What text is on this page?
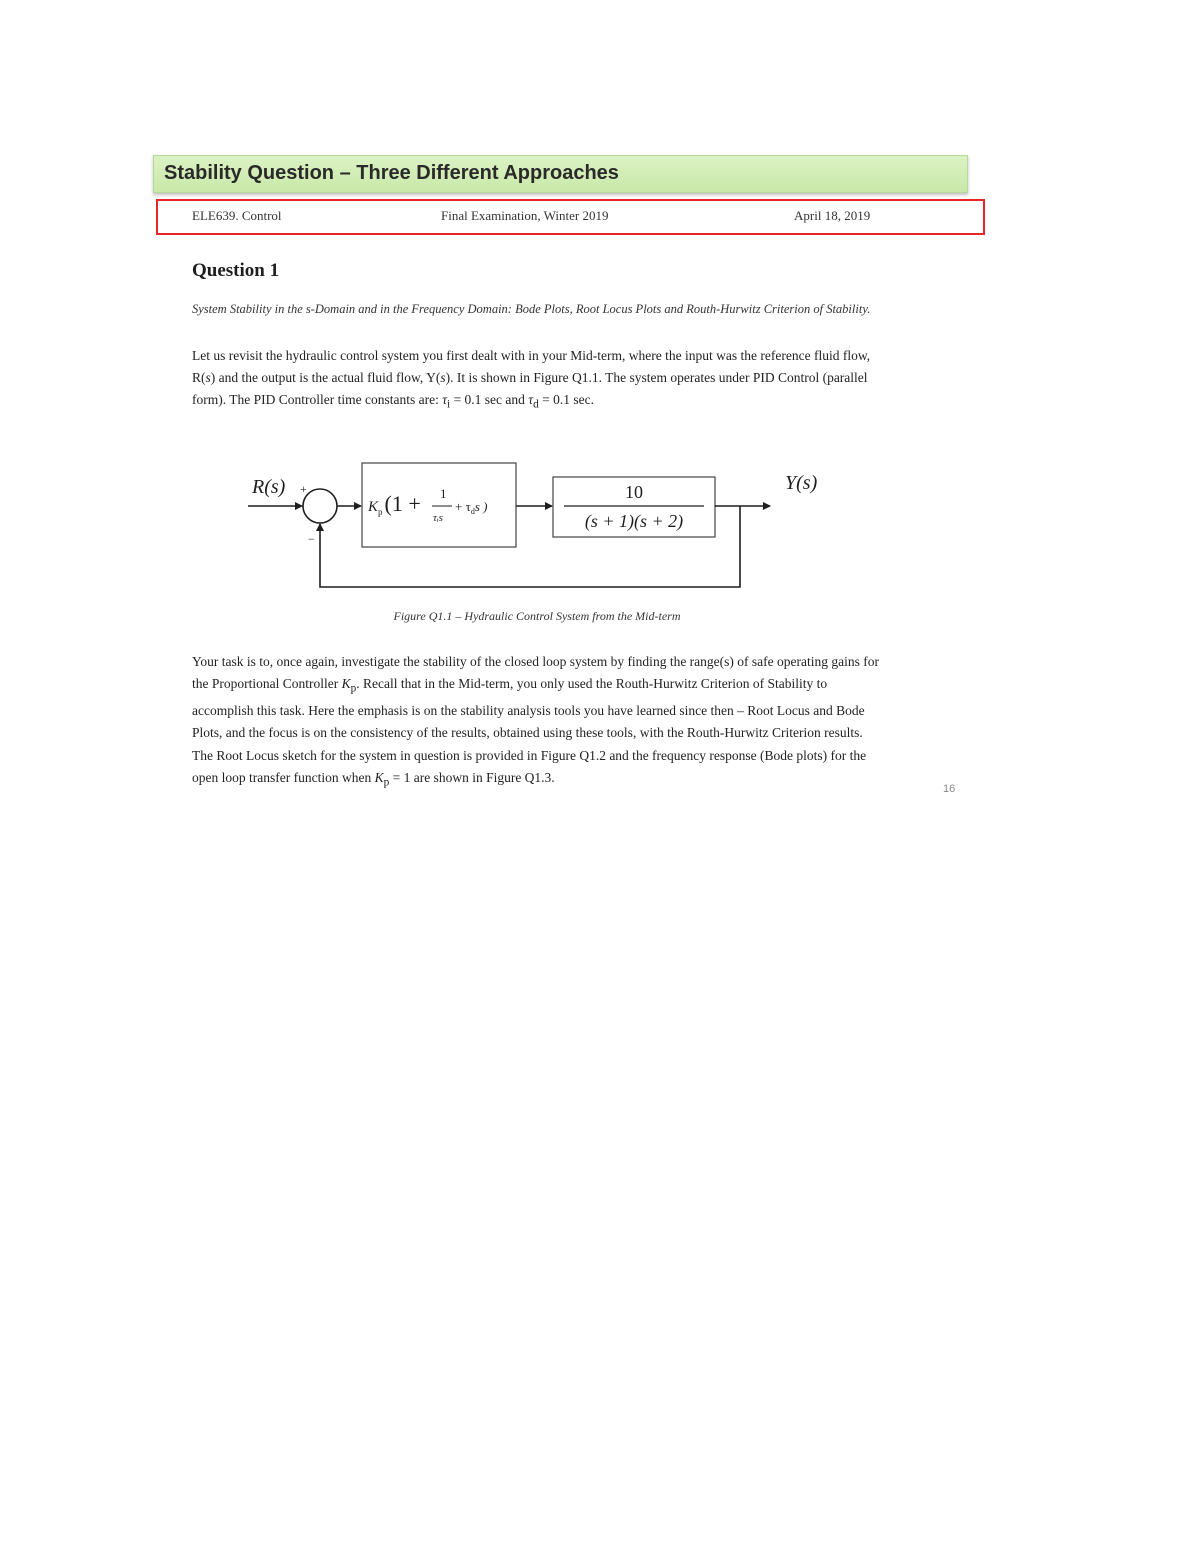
Stability Question – Three Different Approaches
ELE639. Control	Final Examination, Winter 2019	April 18, 2019
Question 1
System Stability in the s-Domain and in the Frequency Domain: Bode Plots, Root Locus Plots and Routh-Hurwitz Criterion of Stability.
Let us revisit the hydraulic control system you first dealt with in your Mid-term, where the input was the reference fluid flow, R(s) and the output is the actual fluid flow, Y(s). It is shown in Figure Q1.1. The system operates under PID Control (parallel form). The PID Controller time constants are: $\tau_i = 0.1$ sec and $\tau_d = 0.1$ sec.
R(s) +
−
$K_p(1 + 1$
τᵢs
+ $\tau_ds$ )
10
(s + 1)(s + 2)
Y(s)
Figure Q1.1 – Hydraulic Control System from the Mid-term
Your task is to, once again, investigate the stability of the closed loop system by finding the range(s) of safe operating gains for the Proportional Controller $K_p$. Recall that in the Mid-term, you only used the Routh-Hurwitz Criterion of Stability to accomplish this task. Here the emphasis is on the stability analysis tools you have learned since then – Root Locus and Bode Plots, and the focus is on the consistency of the results, obtained using these tools, with the Routh-Hurwitz Criterion results. The Root Locus sketch for the system in question is provided in Figure Q1.2 and the frequency response (Bode plots) for the open loop transfer function when $K_p = 1$ are shown in Figure Q1.3.
16
